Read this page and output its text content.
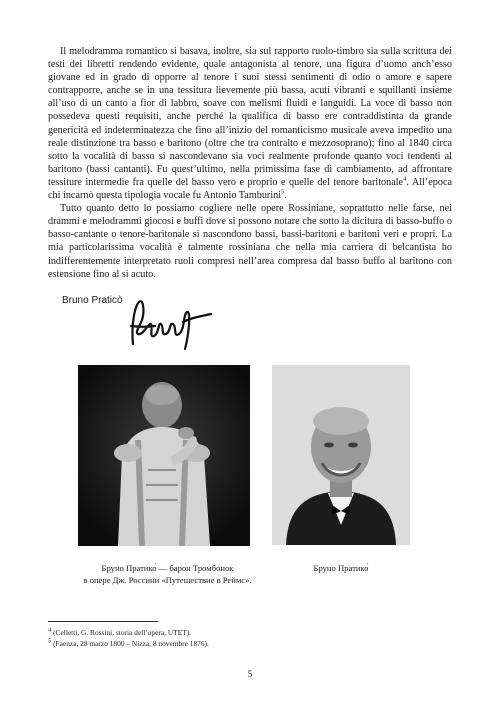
Il melodramma romantico si basava, inoltre, sia sul rapporto ruolo-timbro sia sulla scrittura dei testi dei libretti rendendo evidente, quale antagonista al tenore, una figura d’uomo anch’esso giovane ed in grado di opporre al tenore i suoi stessi sentimenti di odio o amore e sapere contrapporre, anche se in una tessitura lievemente più bassa, acuti vibranti e squillanti insieme all’uso di un canto a fior di labbro, soave con melismi fluidi e languidi. La voce di basso non possedeva questi requisiti, anche perché la qualifica di basso ere contraddistinta da grande genericità ed indeterminatezza che fino all’inizio del romanticismo musicale aveva impedito una reale distinzione tra basso e baritono (oltre che tra contralto e mezzosoprano); fino al 1840 circa sotto la vocalità di basso si nascondevano sia voci realmente profonde quanto voci tendenti al baritono (bassi cantanti). Fu quest’ultimo, nella primissima fase di cambiamento, ad affrontare tessiture intermedie fra quelle del basso vero e proprio e quelle del tenore baritonale$^4$. All’epoca chi incarnò questa tipologia vocale fu Antonio Tamburini$^5$.

Tutto quanto detto lo possiamo cogliere nelle opere Rossiniane, soprattutto nelle farse, nei drammi e melodrammi giocosi e buffi dove si possono notare che sotto la dicitura di basso-buffo o basso-cantante o tenore-baritonale si nascondono bassi, bassi-baritoni e baritoni veri e propri. La mia particolarissima vocalità è talmente rossiniana che nella mia carriera di belcantista ho indifferentemente interpretato ruoli compresi nell’area compresa dal basso buffo al baritono con estensione fino al si acuto.

Bruno Praticò
Бруно Пратико́ — барон Тромбонок
в опере Дж. Россини «Путешествие в Реймс».
Бруно Пратико́
$^4$ (Celletti, G. Rossini, storia dell’opera, UTET).
$^5$ (Faenza, 28 marzo 1800 – Nizza, 8 novembre 1876).
5
